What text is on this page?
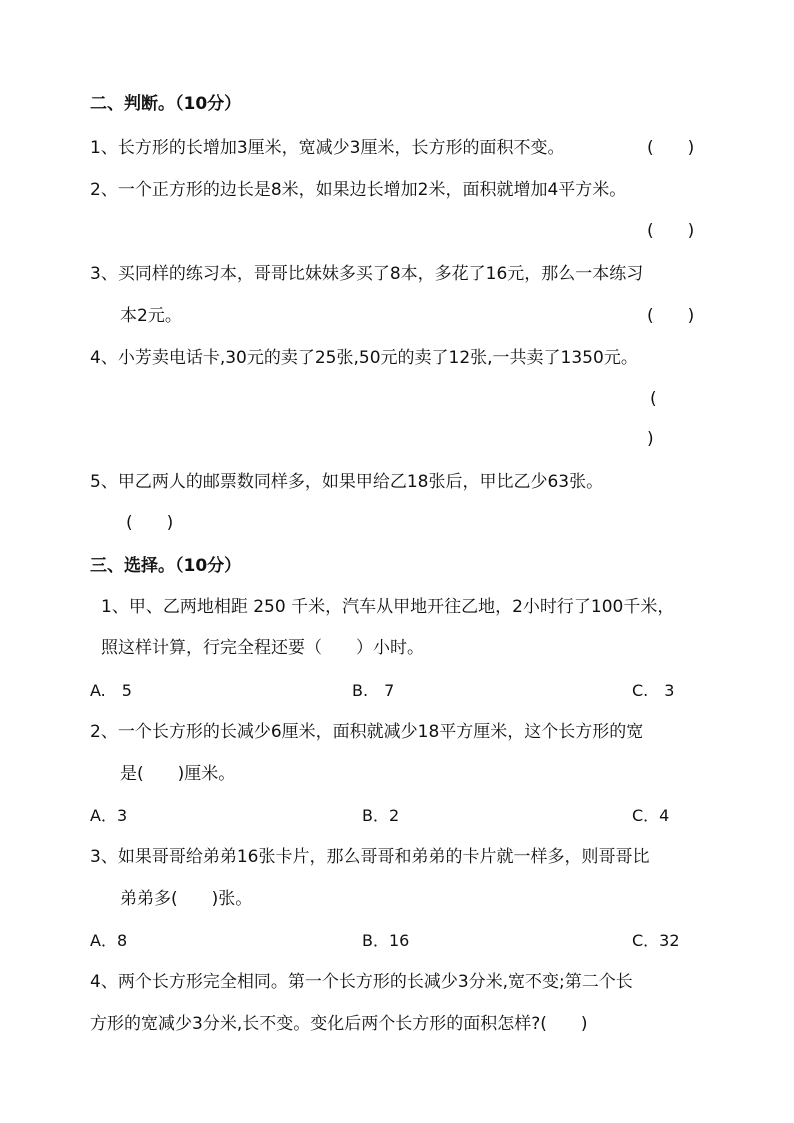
二、判断。（10分）
1、长方形的长增加3厘米，宽减少3厘米，长方形的面积不变。	(　　)
2、一个正方形的边长是8米，如果边长增加2米，面积就增加4平方米。
(　　)
3、买同样的练习本，哥哥比妹妹多买了8本，多花了16元，那么一本练习
本2元。	(　　)
4、小芳卖电话卡,30元的卖了25张,50元的卖了12张,一共卖了1350元。
(
)
5、甲乙两人的邮票数同样多，如果甲给乙18张后，甲比乙少63张。
(　　)
三、选择。（10分）
1、甲、乙两地相距 250 千米，汽车从甲地开往乙地，2小时行了100千米，
照这样计算，行完全程还要（　　）小时。
A.　5	B.　7	C.　3
2、一个长方形的长减少6厘米，面积就减少18平方厘米，这个长方形的宽
是(　　)厘米。
A．3	B．2	C．4
3、如果哥哥给弟弟16张卡片，那么哥哥和弟弟的卡片就一样多，则哥哥比
弟弟多(　　)张。
A．8	B．16	C．32
4、两个长方形完全相同。第一个长方形的长减少3分米,宽不变;第二个长
方形的宽减少3分米,长不变。变化后两个长方形的面积怎样?(　　)
